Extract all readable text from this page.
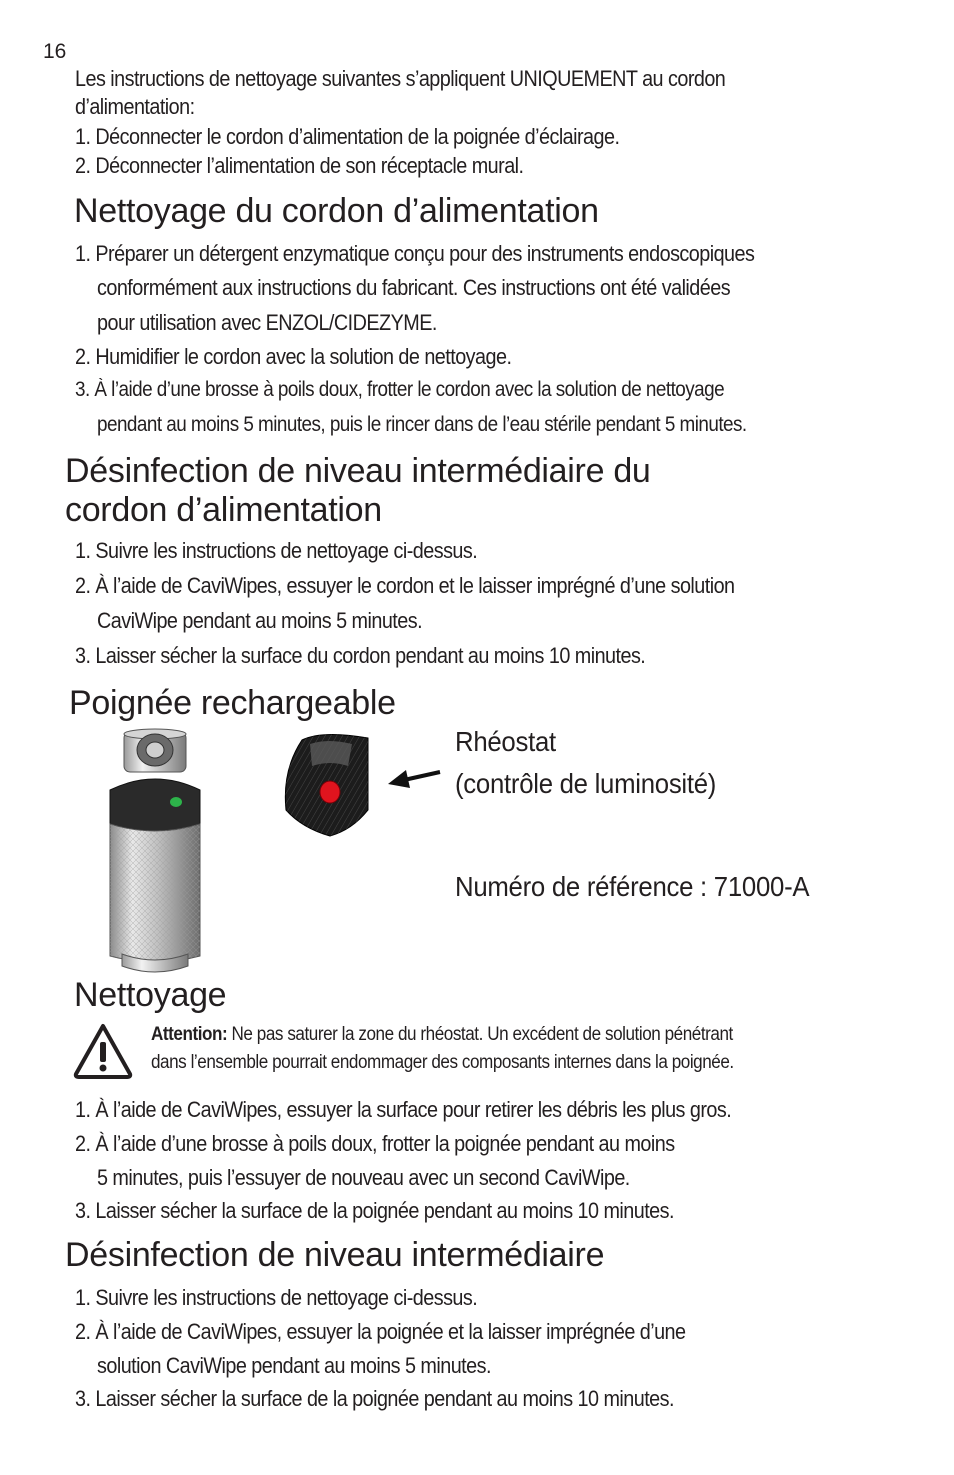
16
Les instructions de nettoyage suivantes s’appliquent UNIQUEMENT au cordon
d’alimentation:
1. Déconnecter le cordon d’alimentation de la poignée d’éclairage.
2. Déconnecter l’alimentation de son réceptacle mural.
Nettoyage du cordon d’alimentation
1. Préparer un détergent enzymatique conçu pour des instruments endoscopiques
conformément aux instructions du fabricant. Ces instructions ont été validées
pour utilisation avec ENZOL/CIDEZYME.
2. Humidifier le cordon avec la solution de nettoyage.
3. À l’aide d’une brosse à poils doux, frotter le cordon avec la solution de nettoyage
pendant au moins 5 minutes, puis le rincer dans de l’eau stérile pendant 5 minutes.
Désinfection de niveau intermédiaire du
cordon d’alimentation
1. Suivre les instructions de nettoyage ci-dessus.
2. À l’aide de CaviWipes, essuyer le cordon et le laisser imprégné d’une solution
CaviWipe pendant au moins 5 minutes.
3. Laisser sécher la surface du cordon pendant au moins 10 minutes.
Poignée rechargeable
Rhéostat
(contrôle de luminosité)
Numéro de référence : 71000-A
Nettoyage
Attention: Ne pas saturer la zone du rhéostat. Un excédent de solution pénétrant
dans l’ensemble pourrait endommager des composants internes dans la poignée.
1. À l’aide de CaviWipes, essuyer la surface pour retirer les débris les plus gros.
2. À l’aide d’une brosse à poils doux, frotter la poignée pendant au moins
5 minutes, puis l’essuyer de nouveau avec un second CaviWipe.
3. Laisser sécher la surface de la poignée pendant au moins 10 minutes.
Désinfection de niveau intermédiaire
1. Suivre les instructions de nettoyage ci-dessus.
2. À l’aide de CaviWipes, essuyer la poignée et la laisser imprégnée d’une
solution CaviWipe pendant au moins 5 minutes.
3. Laisser sécher la surface de la poignée pendant au moins 10 minutes.
